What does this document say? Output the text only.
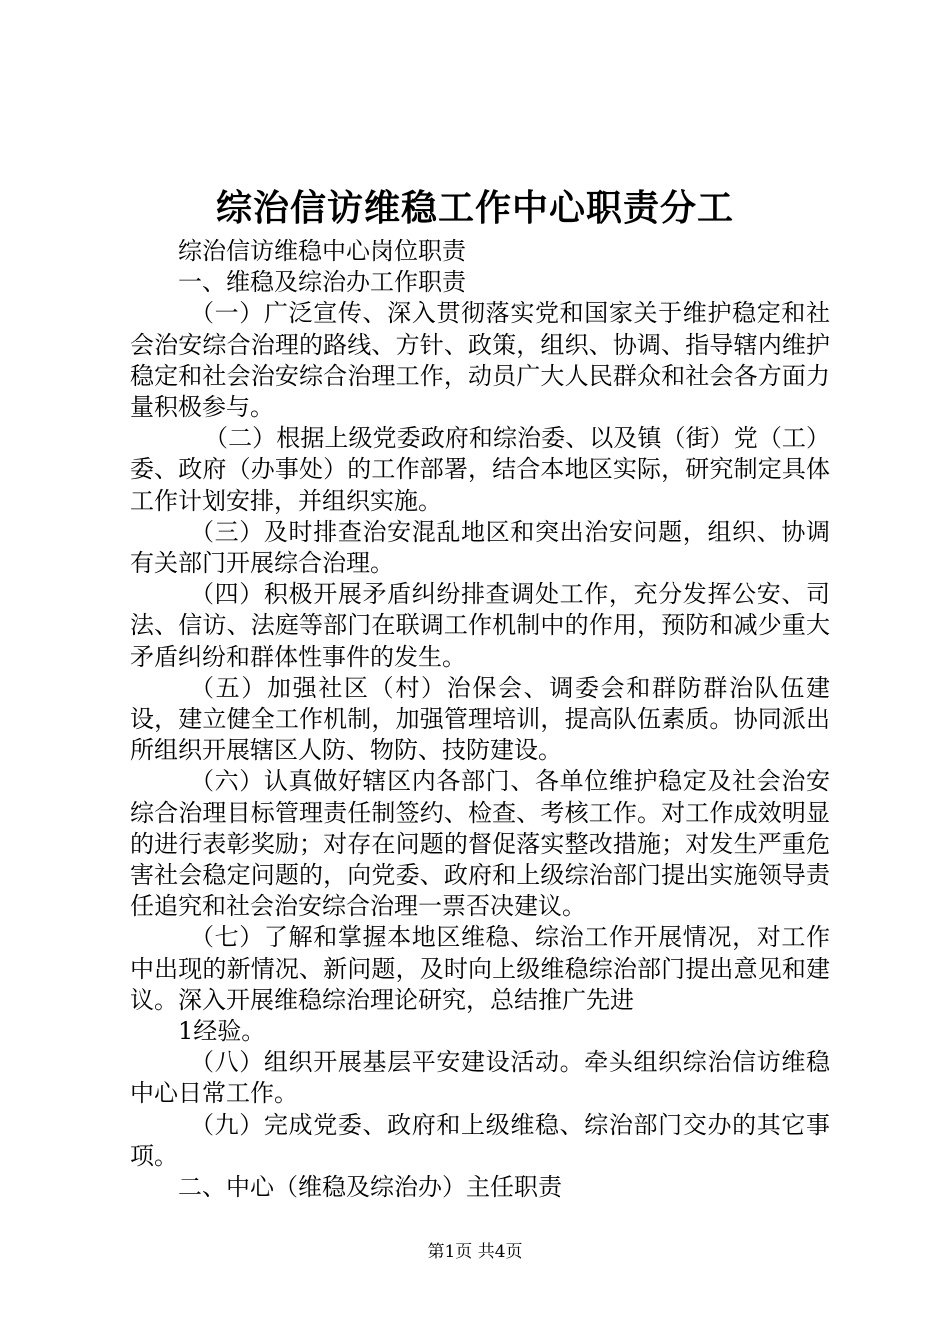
综治信访维稳工作中心职责分工

综治信访维稳中心岗位职责

一、维稳及综治办工作职责

（一）广泛宣传、深入贯彻落实党和国家关于维护稳定和社会治安综合治理的路线、方针、政策，组织、协调、指导辖内维护稳定和社会治安综合治理工作，动员广大人民群众和社会各方面力量积极参与。

（二）根据上级党委政府和综治委、以及镇（街）党（工）委、政府（办事处）的工作部署，结合本地区实际，研究制定具体工作计划安排，并组织实施。

（三）及时排查治安混乱地区和突出治安问题，组织、协调有关部门开展综合治理。

（四）积极开展矛盾纠纷排查调处工作，充分发挥公安、司法、信访、法庭等部门在联调工作机制中的作用，预防和减少重大矛盾纠纷和群体性事件的发生。

（五）加强社区（村）治保会、调委会和群防群治队伍建设，建立健全工作机制，加强管理培训，提高队伍素质。协同派出所组织开展辖区人防、物防、技防建设。

（六）认真做好辖区内各部门、各单位维护稳定及社会治安综合治理目标管理责任制签约、检查、考核工作。对工作成效明显的进行表彰奖励；对存在问题的督促落实整改措施；对发生严重危害社会稳定问题的，向党委、政府和上级综治部门提出实施领导责任追究和社会治安综合治理一票否决建议。

（七）了解和掌握本地区维稳、综治工作开展情况，对工作中出现的新情况、新问题，及时向上级维稳综治部门提出意见和建议。深入开展维稳综治理论研究，总结推广先进

1经验。

（八）组织开展基层平安建设活动。牵头组织综治信访维稳中心日常工作。

（九）完成党委、政府和上级维稳、综治部门交办的其它事项。

二、中心（维稳及综治办）主任职责

第1页 共4页
